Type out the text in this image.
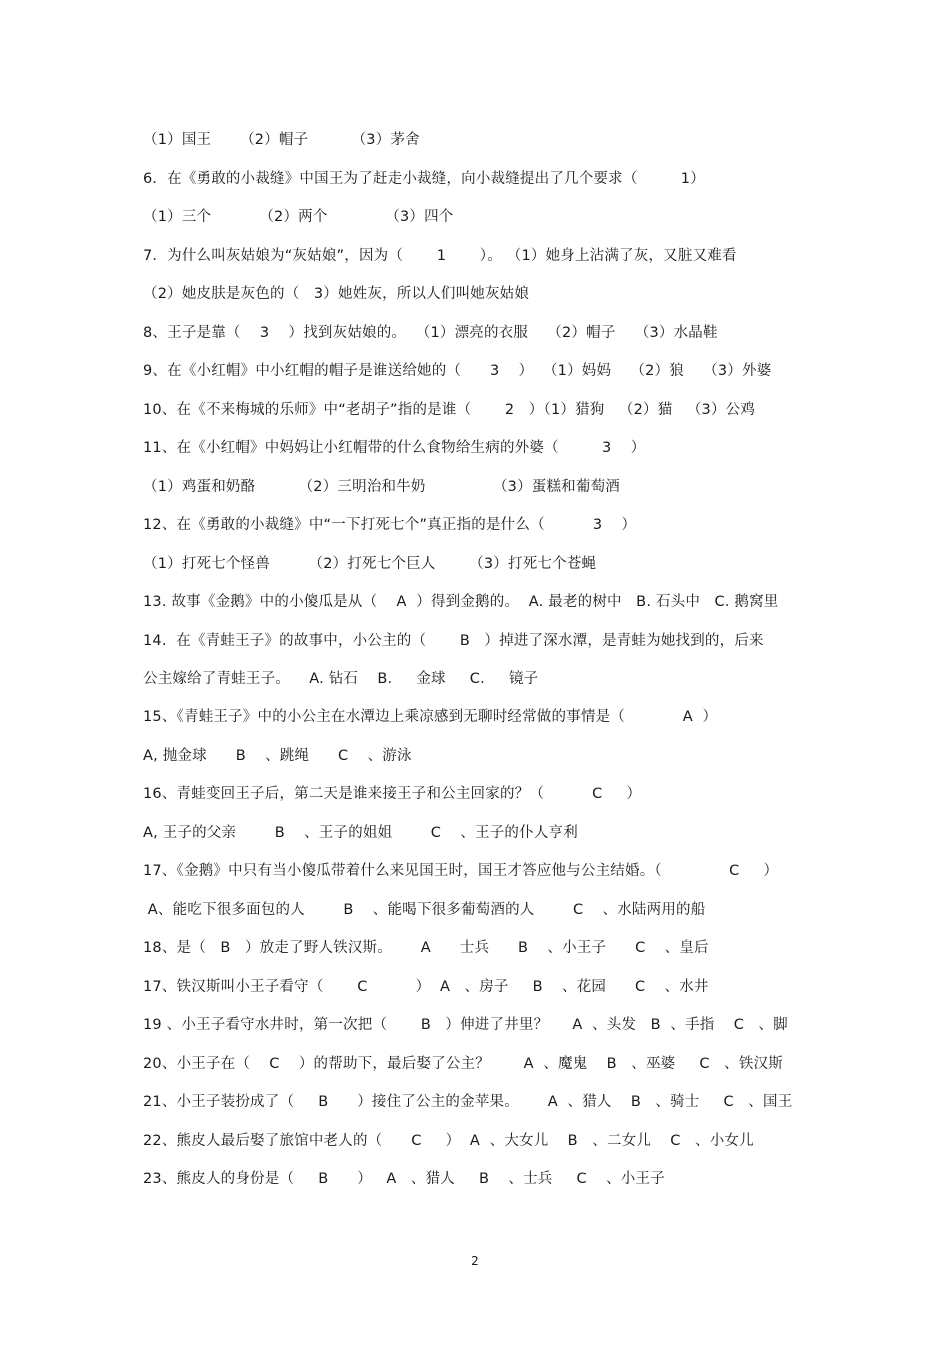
（1）国王      （2）帽子         （3）茅舍
6．在《勇敢的小裁缝》中国王为了赶走小裁缝，向小裁缝提出了几个要求（         1）
（1）三个          （2）两个            （3）四个
7．为什么叫灰姑娘为“灰姑娘”，因为（       1       ）。 （1）她身上沾满了灰，又脏又难看
（2）她皮肤是灰色的（   3）她姓灰，所以人们叫她灰姑娘
8、王子是靠（    3    ）找到灰姑娘的。  （1）漂亮的衣服    （2）帽子    （3）水晶鞋
9、在《小红帽》中小红帽的帽子是谁送给她的（      3    ）  （1）妈妈    （2）狼    （3）外婆
10、在《不来梅城的乐师》中“老胡子”指的是谁（       2   ）（1）猎狗   （2）猫   （3）公鸡
11、在《小红帽》中妈妈让小红帽带的什么食物给生病的外婆（         3    ）
（1）鸡蛋和奶酪         （2）三明治和牛奶              （3）蛋糕和葡萄酒
12、在《勇敢的小裁缝》中“一下打死七个”真正指的是什么（          3    ）
（1）打死七个怪兽        （2）打死七个巨人       （3）打死七个苍蝇
13. 故事《金鹅》中的小傻瓜是从（    A  ）得到金鹅的。  A. 最老的树中   B. 石头中   C. 鹅窝里
14.  在《青蛙王子》的故事中，小公主的（       B   ）掉进了深水潭，是青蛙为她找到的，后来
公主嫁给了青蛙王子。    A. 钻石    B.     金球     C.     镜子
15、《青蛙王子》中的小公主在水潭边上乘凉感到无聊时经常做的事情是（            A  ）
A, 抛金球      B    、跳绳      C    、游泳
16、青蛙变回王子后，第二天是谁来接王子和公主回家的？（          C     ）
A, 王子的父亲        B    、王子的姐姐        C    、王子的仆人亨利
17、《金鹅》中只有当小傻瓜带着什么来见国王时，国王才答应他与公主结婚。（              C     ）
A、能吃下很多面包的人        B    、能喝下很多葡萄酒的人        C    、水陆两用的船
18、是（   B   ）放走了野人铁汉斯。      A      士兵      B    、小王子      C    、皇后
17、铁汉斯叫小王子看守（       C          ）  A   、房子     B    、花园      C    、水井
19 、小王子看守水井时，第一次把（       B   ）伸进了井里？     A  、头发   B  、手指    C   、脚
20、小王子在（    C    ）的帮助下，最后娶了公主？       A  、魔鬼    B   、巫婆     C   、铁汉斯
21、小王子装扮成了（     B      ）接住了公主的金苹果。      A  、猎人    B   、骑士     C   、国王
22、熊皮人最后娶了旅馆中老人的（      C     ）  A  、大女儿    B   、二女儿    C   、小女儿
23、熊皮人的身份是（     B      ）   A   、猎人     B    、士兵     C    、小王子
2
